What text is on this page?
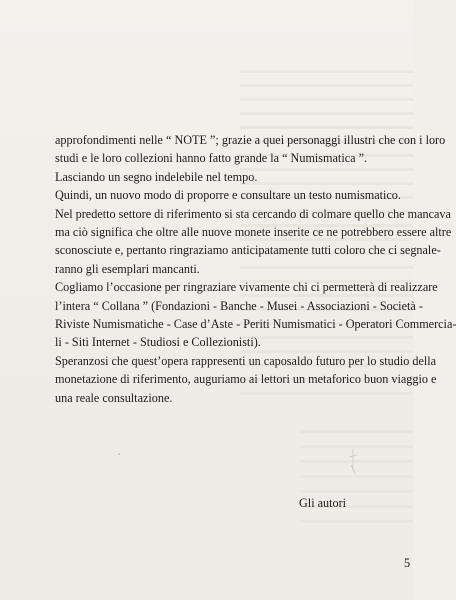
approfondimenti nelle “ NOTE ”; grazie a quei personaggi illustri che con i loro
studi e le loro collezioni hanno fatto grande la “ Numismatica ”.
Lasciando un segno indelebile nel tempo.
Quindi, un nuovo modo di proporre e consultare un testo numismatico.
Nel predetto settore di riferimento si sta cercando di colmare quello che mancava
ma ciò significa che oltre alle nuove monete inserite ce ne potrebbero essere altre
sconosciute e, pertanto ringraziamo anticipatamente tutti coloro che ci segnale-
ranno gli esemplari mancanti.
Cogliamo l’occasione per ringraziare vivamente chi ci permetterà di realizzare
l’intera “ Collana ” (Fondazioni - Banche - Musei - Associazioni - Società -
Riviste Numismatiche - Case d’Aste - Periti Numismatici - Operatori Commercia-
li - Siti Internet - Studiosi e Collezionisti).
Speranzosi che quest’opera rappresenti un caposaldo futuro per lo studio della
monetazione di riferimento, auguriamo ai lettori un metaforico buon viaggio e
una reale consultazione.
Gli autori
5
